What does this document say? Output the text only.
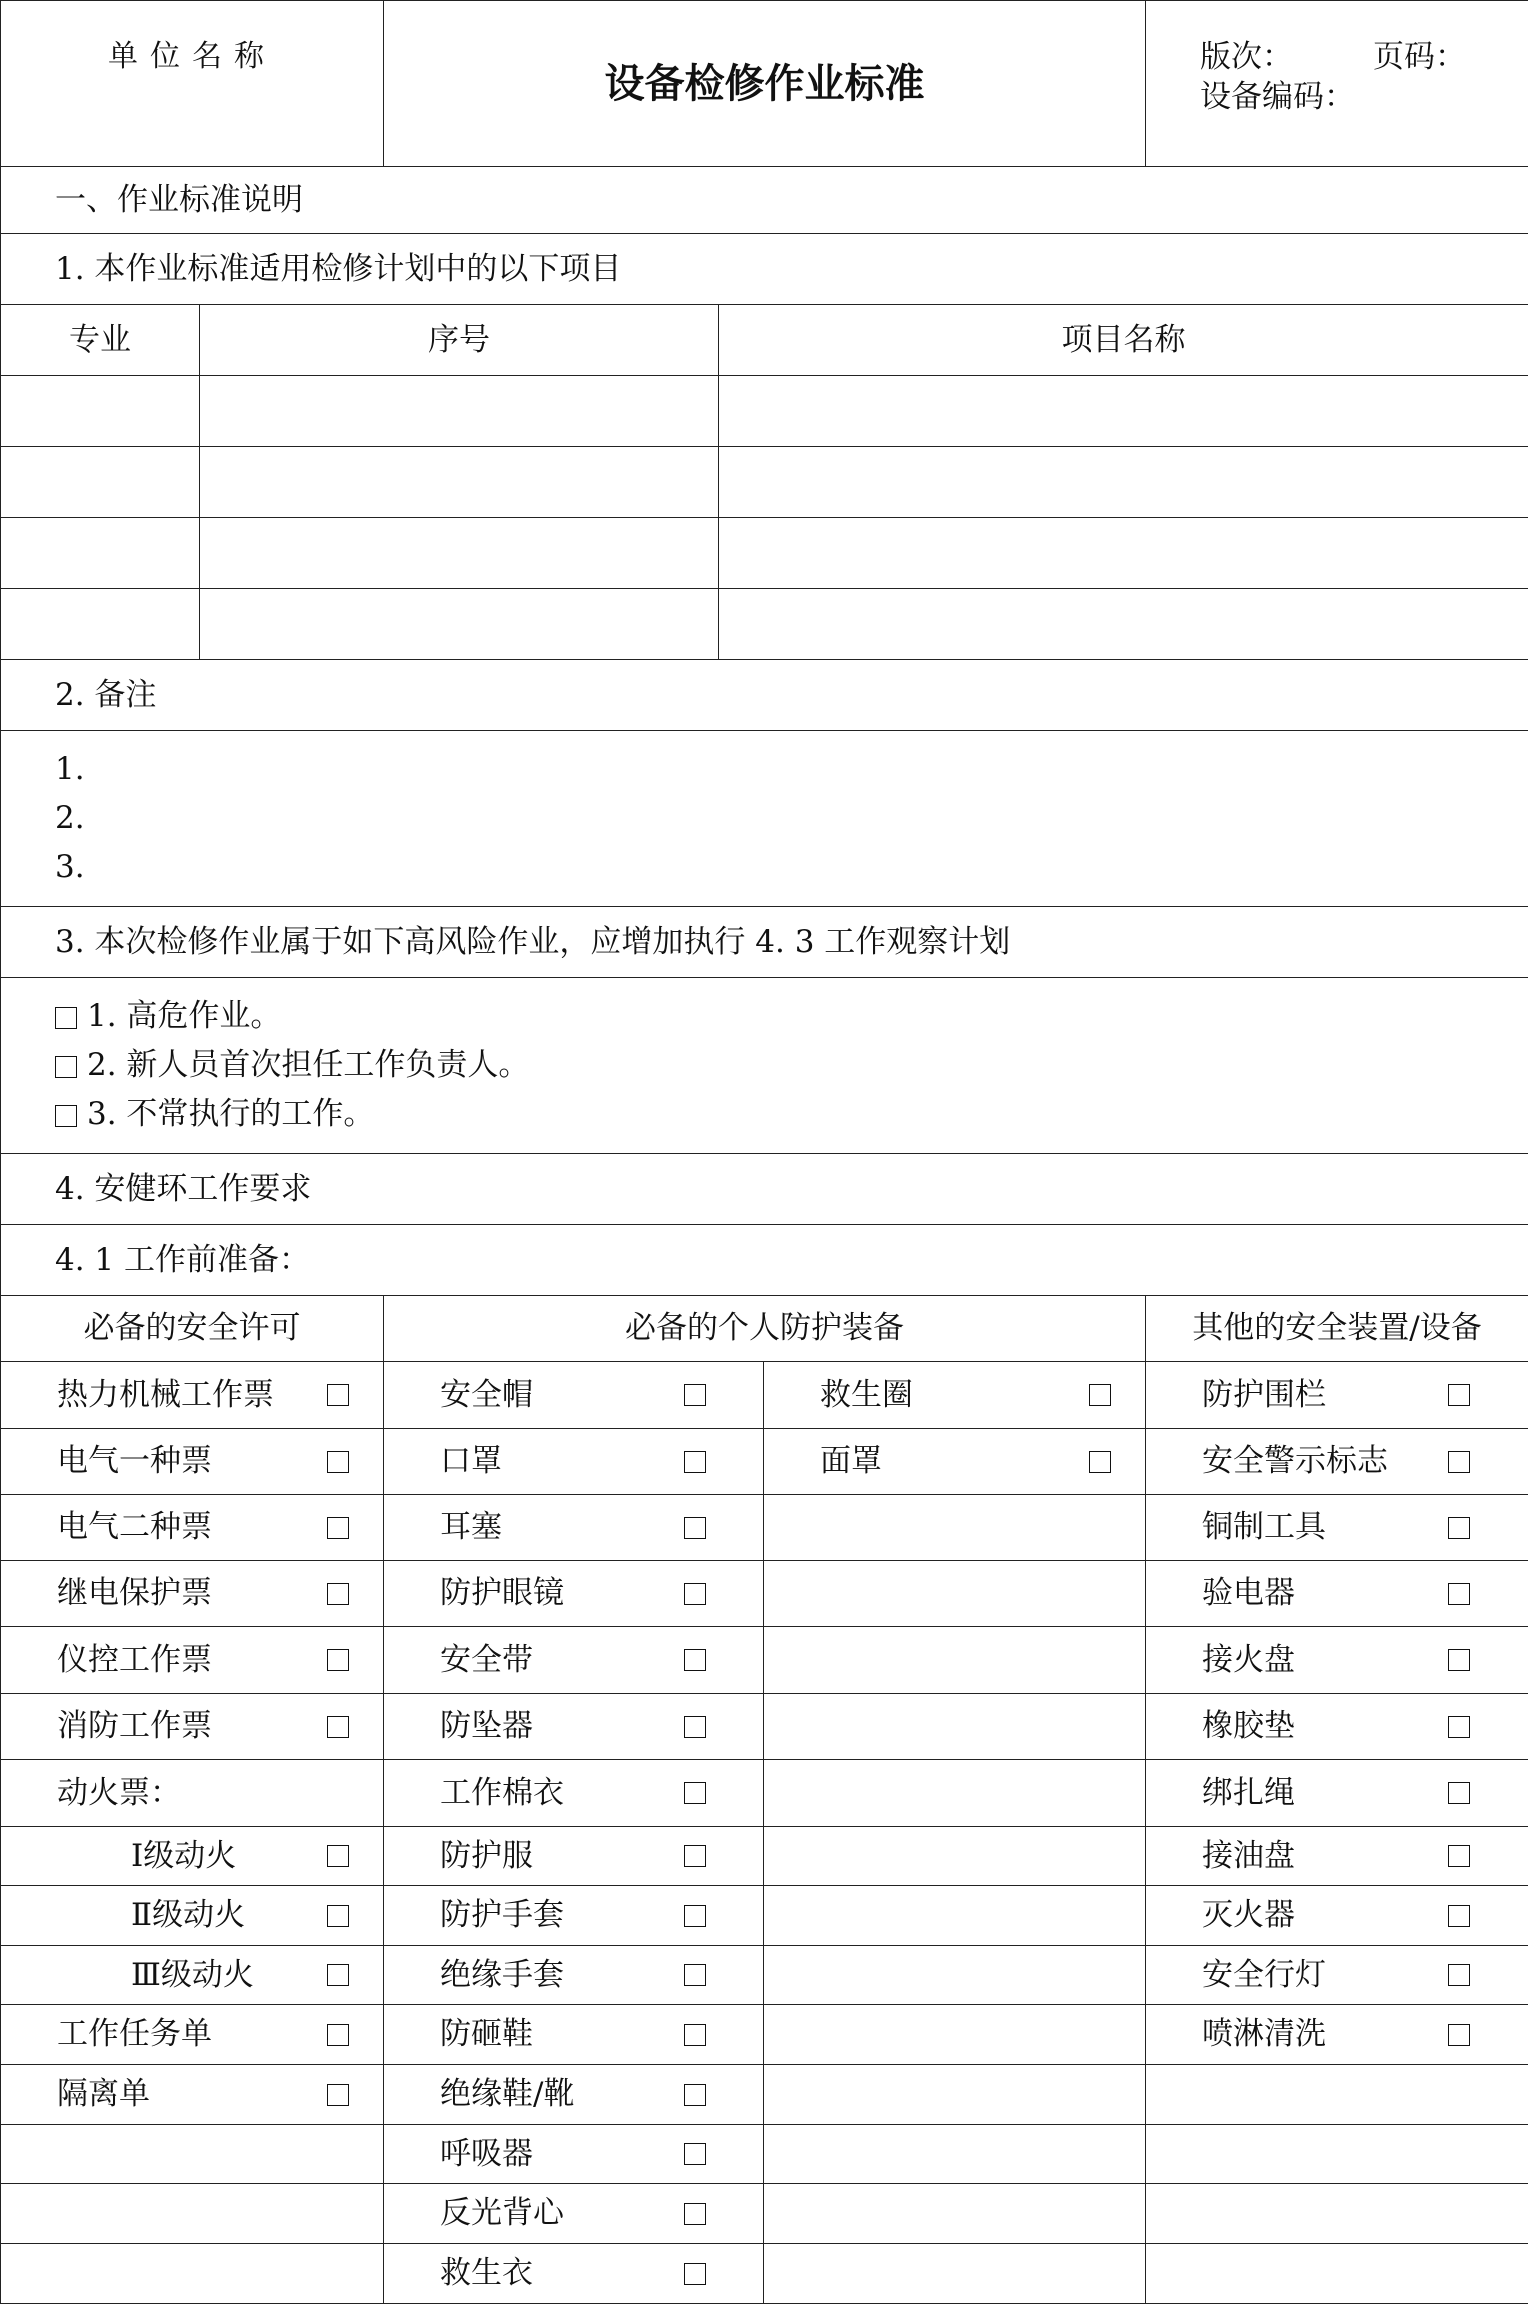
单位名称		设备检修作业标准			版次： 页码：
设备编码：

一、作业标准说明					
1. 本作业标准适用检修计划中的以下项目					
专业	序号		项目名称		

2. 备注					

1.
2.
3.					

3. 本次检修作业属于如下高风险作业，应增加执行 4. 3 工作观察计划					

1. 高危作业。
2. 新人员首次担任工作负责人。
3. 不常执行的工作。					

4. 安健环工作要求					
4. 1 工作前准备：					
必备的安全许可		必备的个人防护装备			其他的安全装置/设备
热力机械工作票		安全帽		救生圈	防护围栏

电气一种票		口罩		面罩	安全警示标志

电气二种票		耳塞			铜制工具

继电保护票		防护眼镜			验电器

仪控工作票		安全带			接火盘

消防工作票		防坠器			橡胶垫

动火票：		工作棉衣			绑扎绳

Ⅰ级动火		防护服			接油盘

Ⅱ级动火		防护手套			灭火器

Ⅲ级动火		绝缘手套			安全行灯

工作任务单		防砸鞋			喷淋清洗

隔离单		绝缘鞋/靴	

		呼吸器	

		反光背心	

		救生衣	
